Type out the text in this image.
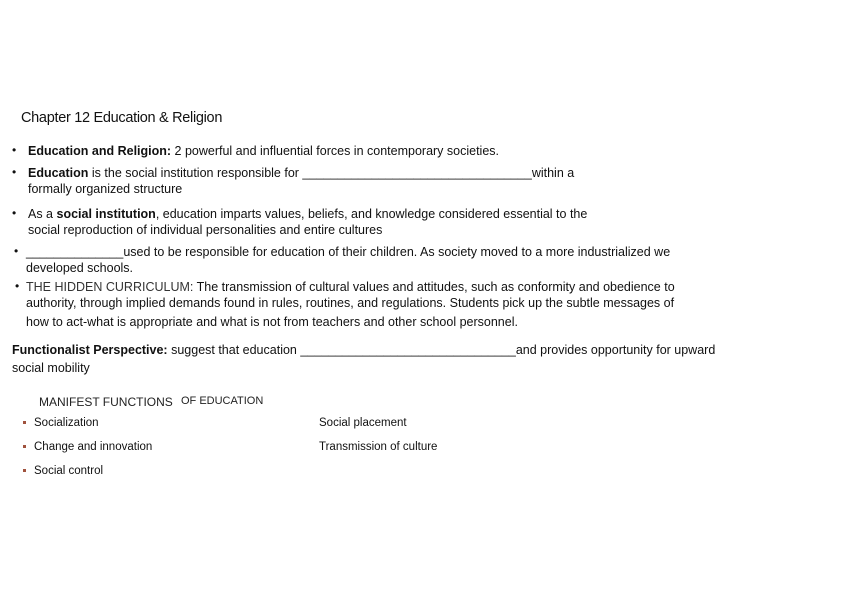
Chapter 12 Education & Religion
• Education and Religion: 2 powerful and influential forces in contemporary societies.
• Education is the social institution responsible for _________________________________within a
formally organized structure
• As a social institution, education imparts values, beliefs, and knowledge considered essential to the
social reproduction of individual personalities and entire cultures
• ______________used to be responsible for education of their children. As society moved to a more industrialized we
developed schools.
• THE HIDDEN CURRICULUM: The transmission of cultural values and attitudes, such as conformity and obedience to
authority, through implied demands found in rules, routines, and regulations. Students pick up the subtle messages of
how to act-what is appropriate and what is not from teachers and other school personnel.
Functionalist Perspective: suggest that education _______________________________and provides opportunity for upward
social mobility
MANIFEST FUNCTIONS OF EDUCATION
Socialization
Change and innovation
Social control
Social placement
Transmission of culture
